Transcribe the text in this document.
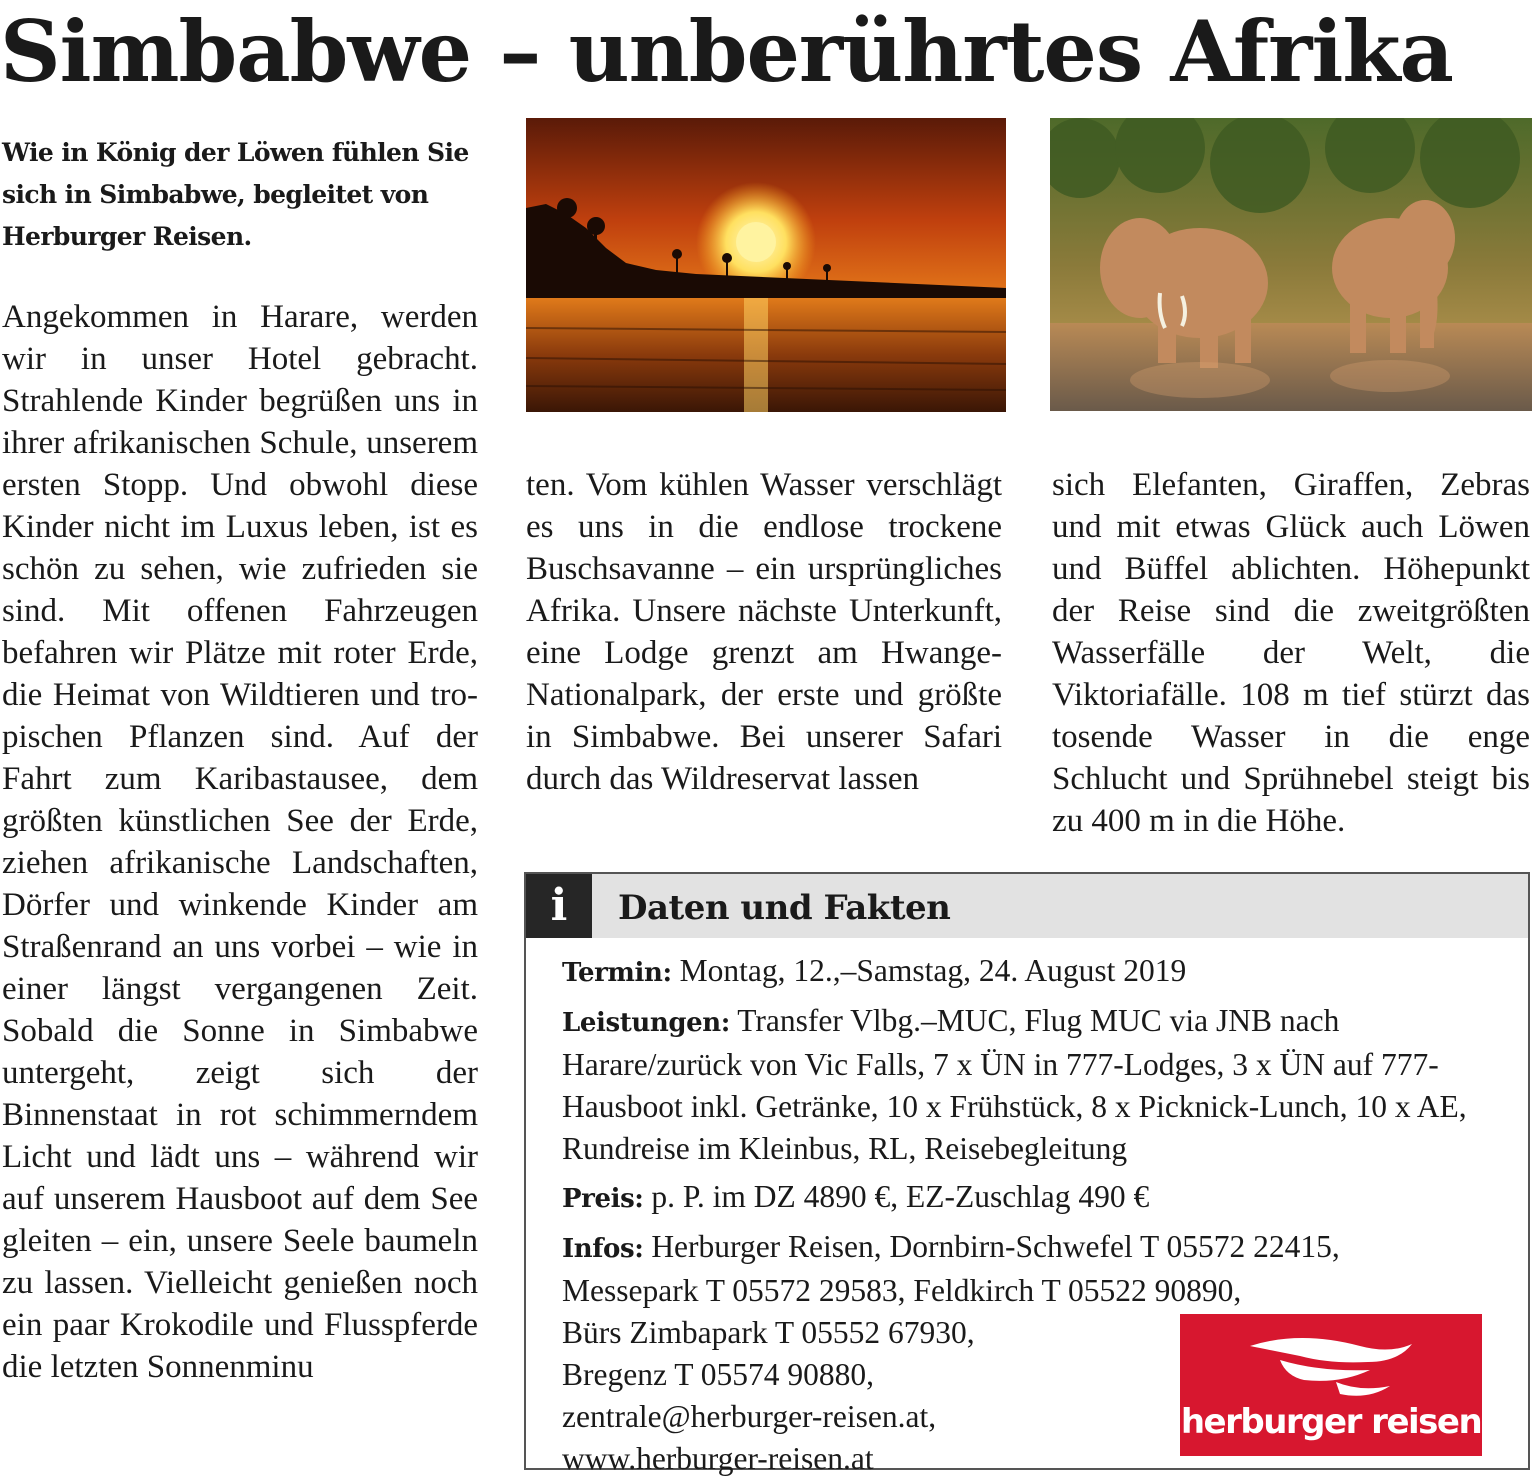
Simbabwe – unberührtes Afrika

Wie in König der Löwen fühlen Sie sich in Simbabwe, begleitet von Herburger Reisen.

Angekommen in Harare, werden wir in unser Hotel gebracht. Strahlende Kinder begrüßen uns in ihrer afrikanischen Schule, unserem ersten Stopp. Und obwohl diese Kinder nicht im Luxus leben, ist es schön zu sehen, wie zufrieden sie sind. Mit offenen Fahrzeugen befahren wir Plätze mit roter Erde, die Heimat von Wildtieren und tropischen Pflanzen sind. Auf der Fahrt zum Karibastausee, dem größten künstlichen See der Erde, ziehen afrikanische Landschaften, Dörfer und winkende Kinder am Straßenrand an uns vorbei – wie in einer längst vergangenen Zeit. Sobald die Sonne in Simbabwe untergeht, zeigt sich der Binnenstaat in rot schimmerndem Licht und lädt uns – während wir auf unserem Hausboot auf dem See gleiten – ein, unsere Seele baumeln zu lassen. Vielleicht genießen noch ein paar Krokodile und Flusspferde die letzten Sonnenminu

ten. Vom kühlen Wasser verschlägt es uns in die endlose trockene Buschsavanne – ein ursprüngliches Afrika. Unsere nächste Unterkunft, eine Lodge grenzt am Hwange-Nationalpark, der erste und größte in Simbabwe. Bei unserer Safari durch das Wildreservat lassen

sich Elefanten, Giraffen, Zebras und mit etwas Glück auch Löwen und Büffel ablichten. Höhepunkt der Reise sind die zweitgrößten Wasserfälle der Welt, die Viktoriafälle. 108 m tief stürzt das tosende Wasser in die enge Schlucht und Sprühnebel steigt bis zu 400 m in die Höhe.

i	Daten und Fakten

Termin: Montag, 12.,–Samstag, 24. August 2019

Leistungen: Transfer Vlbg.–MUC, Flug MUC via JNB nach Harare/zurück von Vic Falls, 7 x ÜN in 777-Lodges, 3 x ÜN auf 777-Hausboot inkl. Getränke, 10 x Frühstück, 8 x Picknick-Lunch, 10 x AE, Rundreise im Kleinbus, RL, Reisebegleitung

Preis: p. P. im DZ 4890 €, EZ-Zuschlag 490 €

Infos: Herburger Reisen, Dornbirn-Schwefel T 05572 22415,
Messepark T 05572 29583, Feldkirch T 05522 90890,
Bürs Zimbapark T 05552 67930,
Bregenz T 05574 90880,
zentrale@herburger-reisen.at,
www.herburger-reisen.at

herburger reisen
